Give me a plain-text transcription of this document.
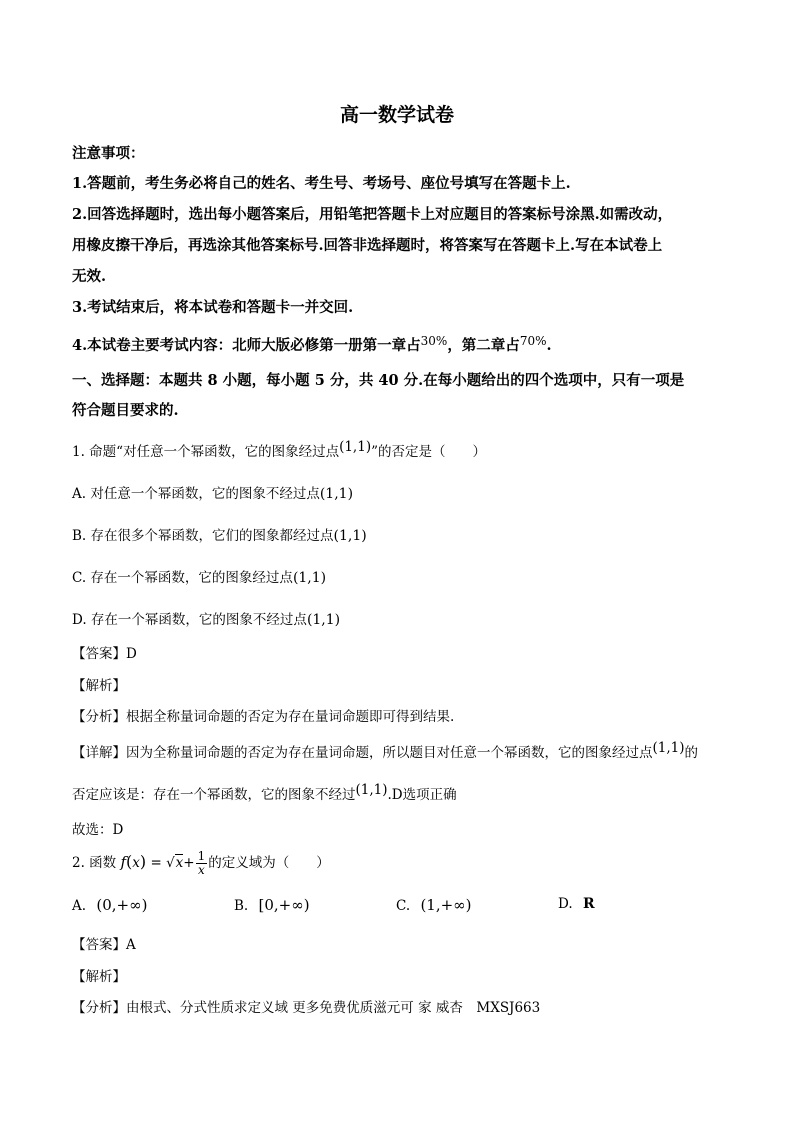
高一数学试卷
注意事项：
1.答题前，考生务必将自己的姓名、考生号、考场号、座位号填写在答题卡上.
2.回答选择题时，选出每小题答案后，用铅笔把答题卡上对应题目的答案标号涂黑.如需改动，
用橡皮擦干净后，再选涂其他答案标号.回答非选择题时，将答案写在答题卡上.写在本试卷上
无效.
3.考试结束后，将本试卷和答题卡一并交回.
4.本试卷主要考试内容：北师大版必修第一册第一章占$^{30\%}$，第二章占$^{70\%}$.
一、选择题：本题共 8 小题，每小题 5 分，共 40 分.在每小题给出的四个选项中，只有一项是
符合题目要求的.
1. 命题“对任意一个幂函数，它的图象经过点(1,1)”的否定是（　　）
A. 对任意一个幂函数，它的图象不经过点(1,1)
B. 存在很多个幂函数，它们的图象都经过点(1,1)
C. 存在一个幂函数，它的图象经过点(1,1)
D. 存在一个幂函数，它的图象不经过点(1,1)
【答案】D
【解析】
【分析】根据全称量词命题的否定为存在量词命题即可得到结果.
【详解】因为全称量词命题的否定为存在量词命题，所以题目对任意一个幂函数，它的图象经过点(1,1)的
否定应该是：存在一个幂函数，它的图象不经过(1,1).D选项正确
故选：D
2. 函数 $f(x) = √x+ \frac{1}{x}$ 的定义域为（　　）
A. (0,+∞)	B. [0,+∞)	C. (1,+∞)	D. R
【答案】A
【解析】
【分析】由根式、分式性质求定义域 更多免费优质滋元可 家 威杏　MXSJ663
